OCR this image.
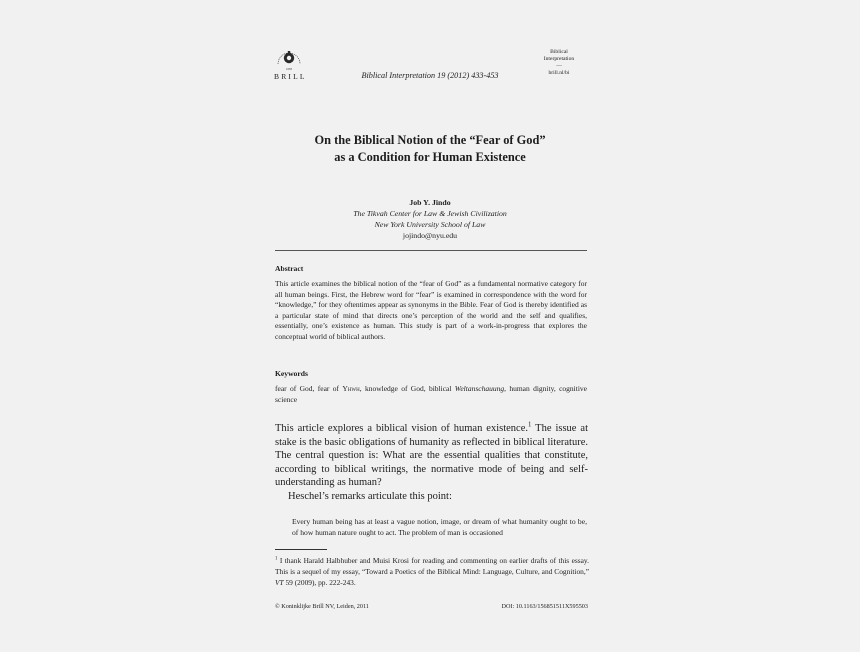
1683
BRILL	Biblical Interpretation 19 (2012) 433-453
Biblical
Interpretation
—
brill.nl/bi
On the Biblical Notion of the “Fear of God”
as a Condition for Human Existence
Job Y. Jindo
The Tikvah Center for Law & Jewish Civilization
New York University School of Law
jojindo@nyu.edu
Abstract
This article examines the biblical notion of the “fear of God” as a fundamental normative category for all human beings. First, the Hebrew word for “fear” is examined in correspondence with the word for “knowledge,” for they oftentimes appear as synonyms in the Bible. Fear of God is thereby identified as a particular state of mind that directs one’s perception of the world and the self and qualifies, essentially, one’s existence as human. This study is part of a work-in-progress that explores the conceptual world of biblical authors.
Keywords
fear of God, fear of Yhwh, knowledge of God, biblical Weltanschauung, human dignity, cognitive science
This article explores a biblical vision of human existence.$^1$ The issue at stake is the basic obligations of humanity as reflected in biblical literature. The central question is: What are the essential qualities that constitute, according to biblical writings, the normative mode of being and self-understanding as human?
Heschel’s remarks articulate this point:
Every human being has at least a vague notion, image, or dream of what humanity ought to be, of how human nature ought to act. The problem of man is occasioned
$^1$ I thank Harald Halbhuber and Muisi Krosi for reading and commenting on earlier drafts of this essay. This is a sequel of my essay, “Toward a Poetics of the Biblical Mind: Language, Culture, and Cognition,” VT 59 (2009), pp. 222-243.
© Koninklijke Brill NV, Leiden, 2011	DOI: 10.1163/156851511X595503
